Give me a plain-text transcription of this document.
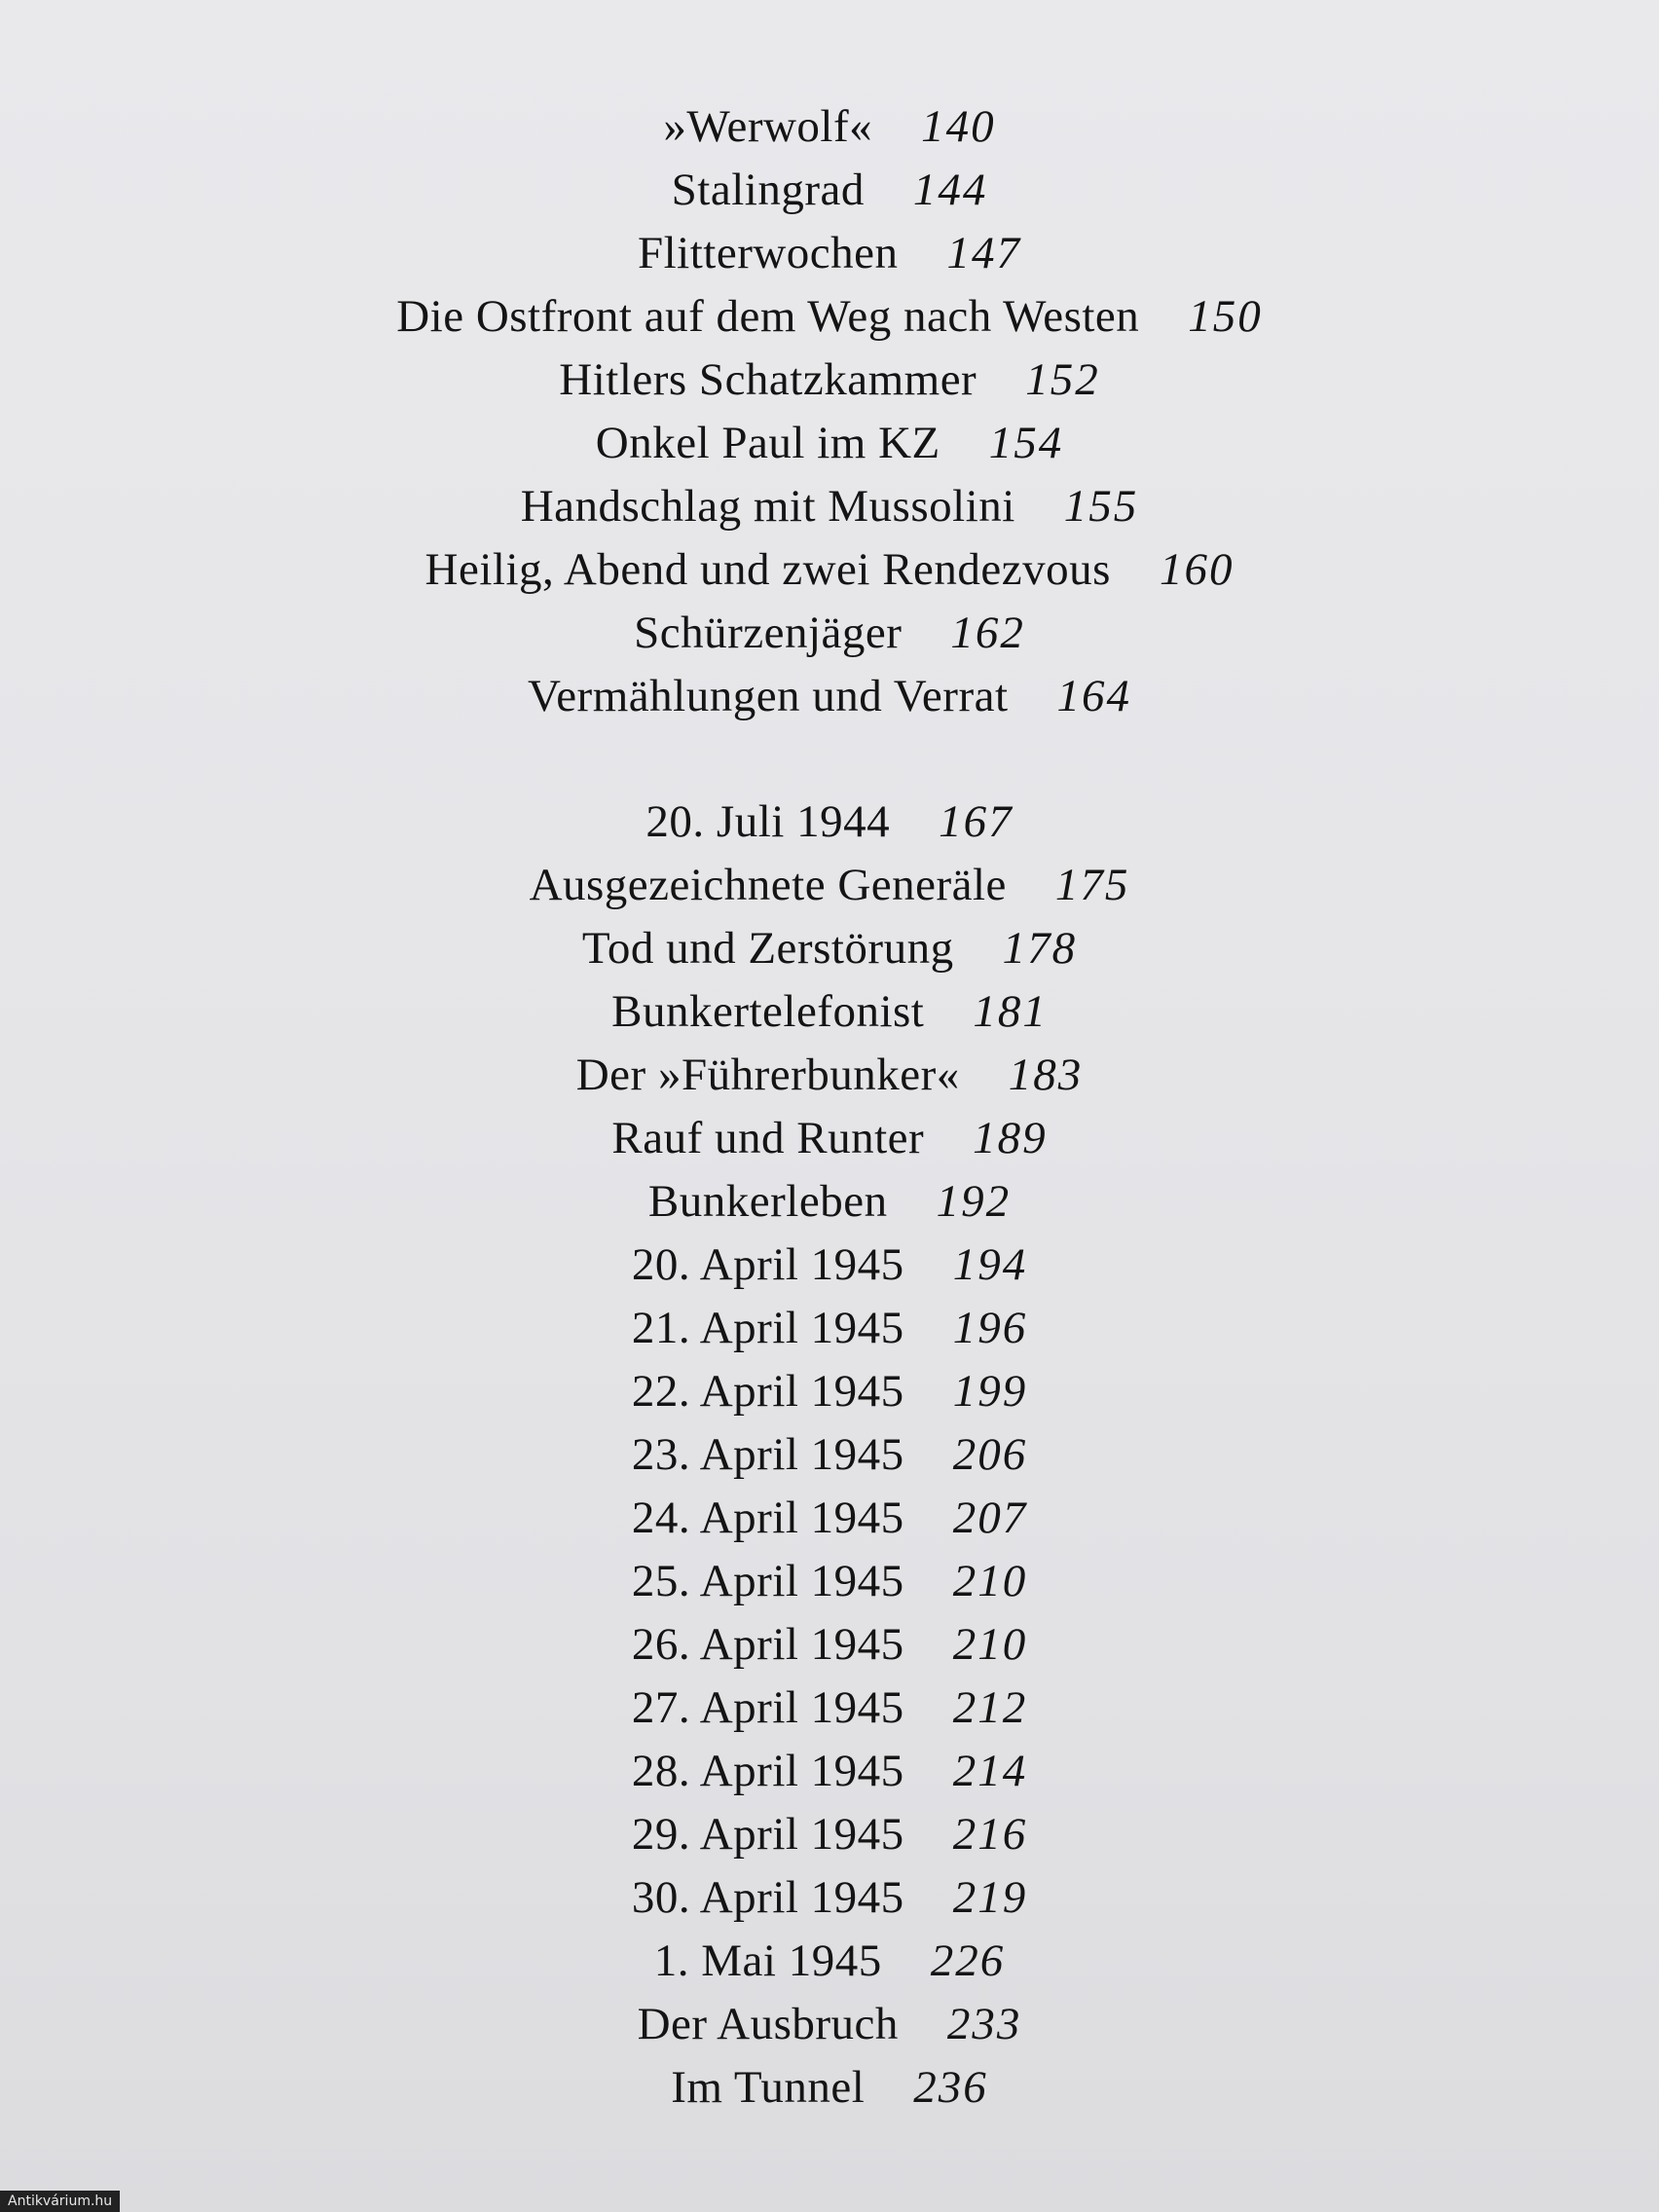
»Werwolf« 140
Stalingrad 144
Flitterwochen 147
Die Ostfront auf dem Weg nach Westen 150
Hitlers Schatzkammer 152
Onkel Paul im KZ 154
Handschlag mit Mussolini 155
Heilig, Abend und zwei Rendezvous 160
Schürzenjäger 162
Vermählungen und Verrat 164
20. Juli 1944 167
Ausgezeichnete Generäle 175
Tod und Zerstörung 178
Bunkertelefonist 181
Der »Führerbunker« 183
Rauf und Runter 189
Bunkerleben 192
20. April 1945 194
21. April 1945 196
22. April 1945 199
23. April 1945 206
24. April 1945 207
25. April 1945 210
26. April 1945 210
27. April 1945 212
28. April 1945 214
29. April 1945 216
30. April 1945 219
1. Mai 1945 226
Der Ausbruch 233
Im Tunnel 236
Antikvárium.hu
